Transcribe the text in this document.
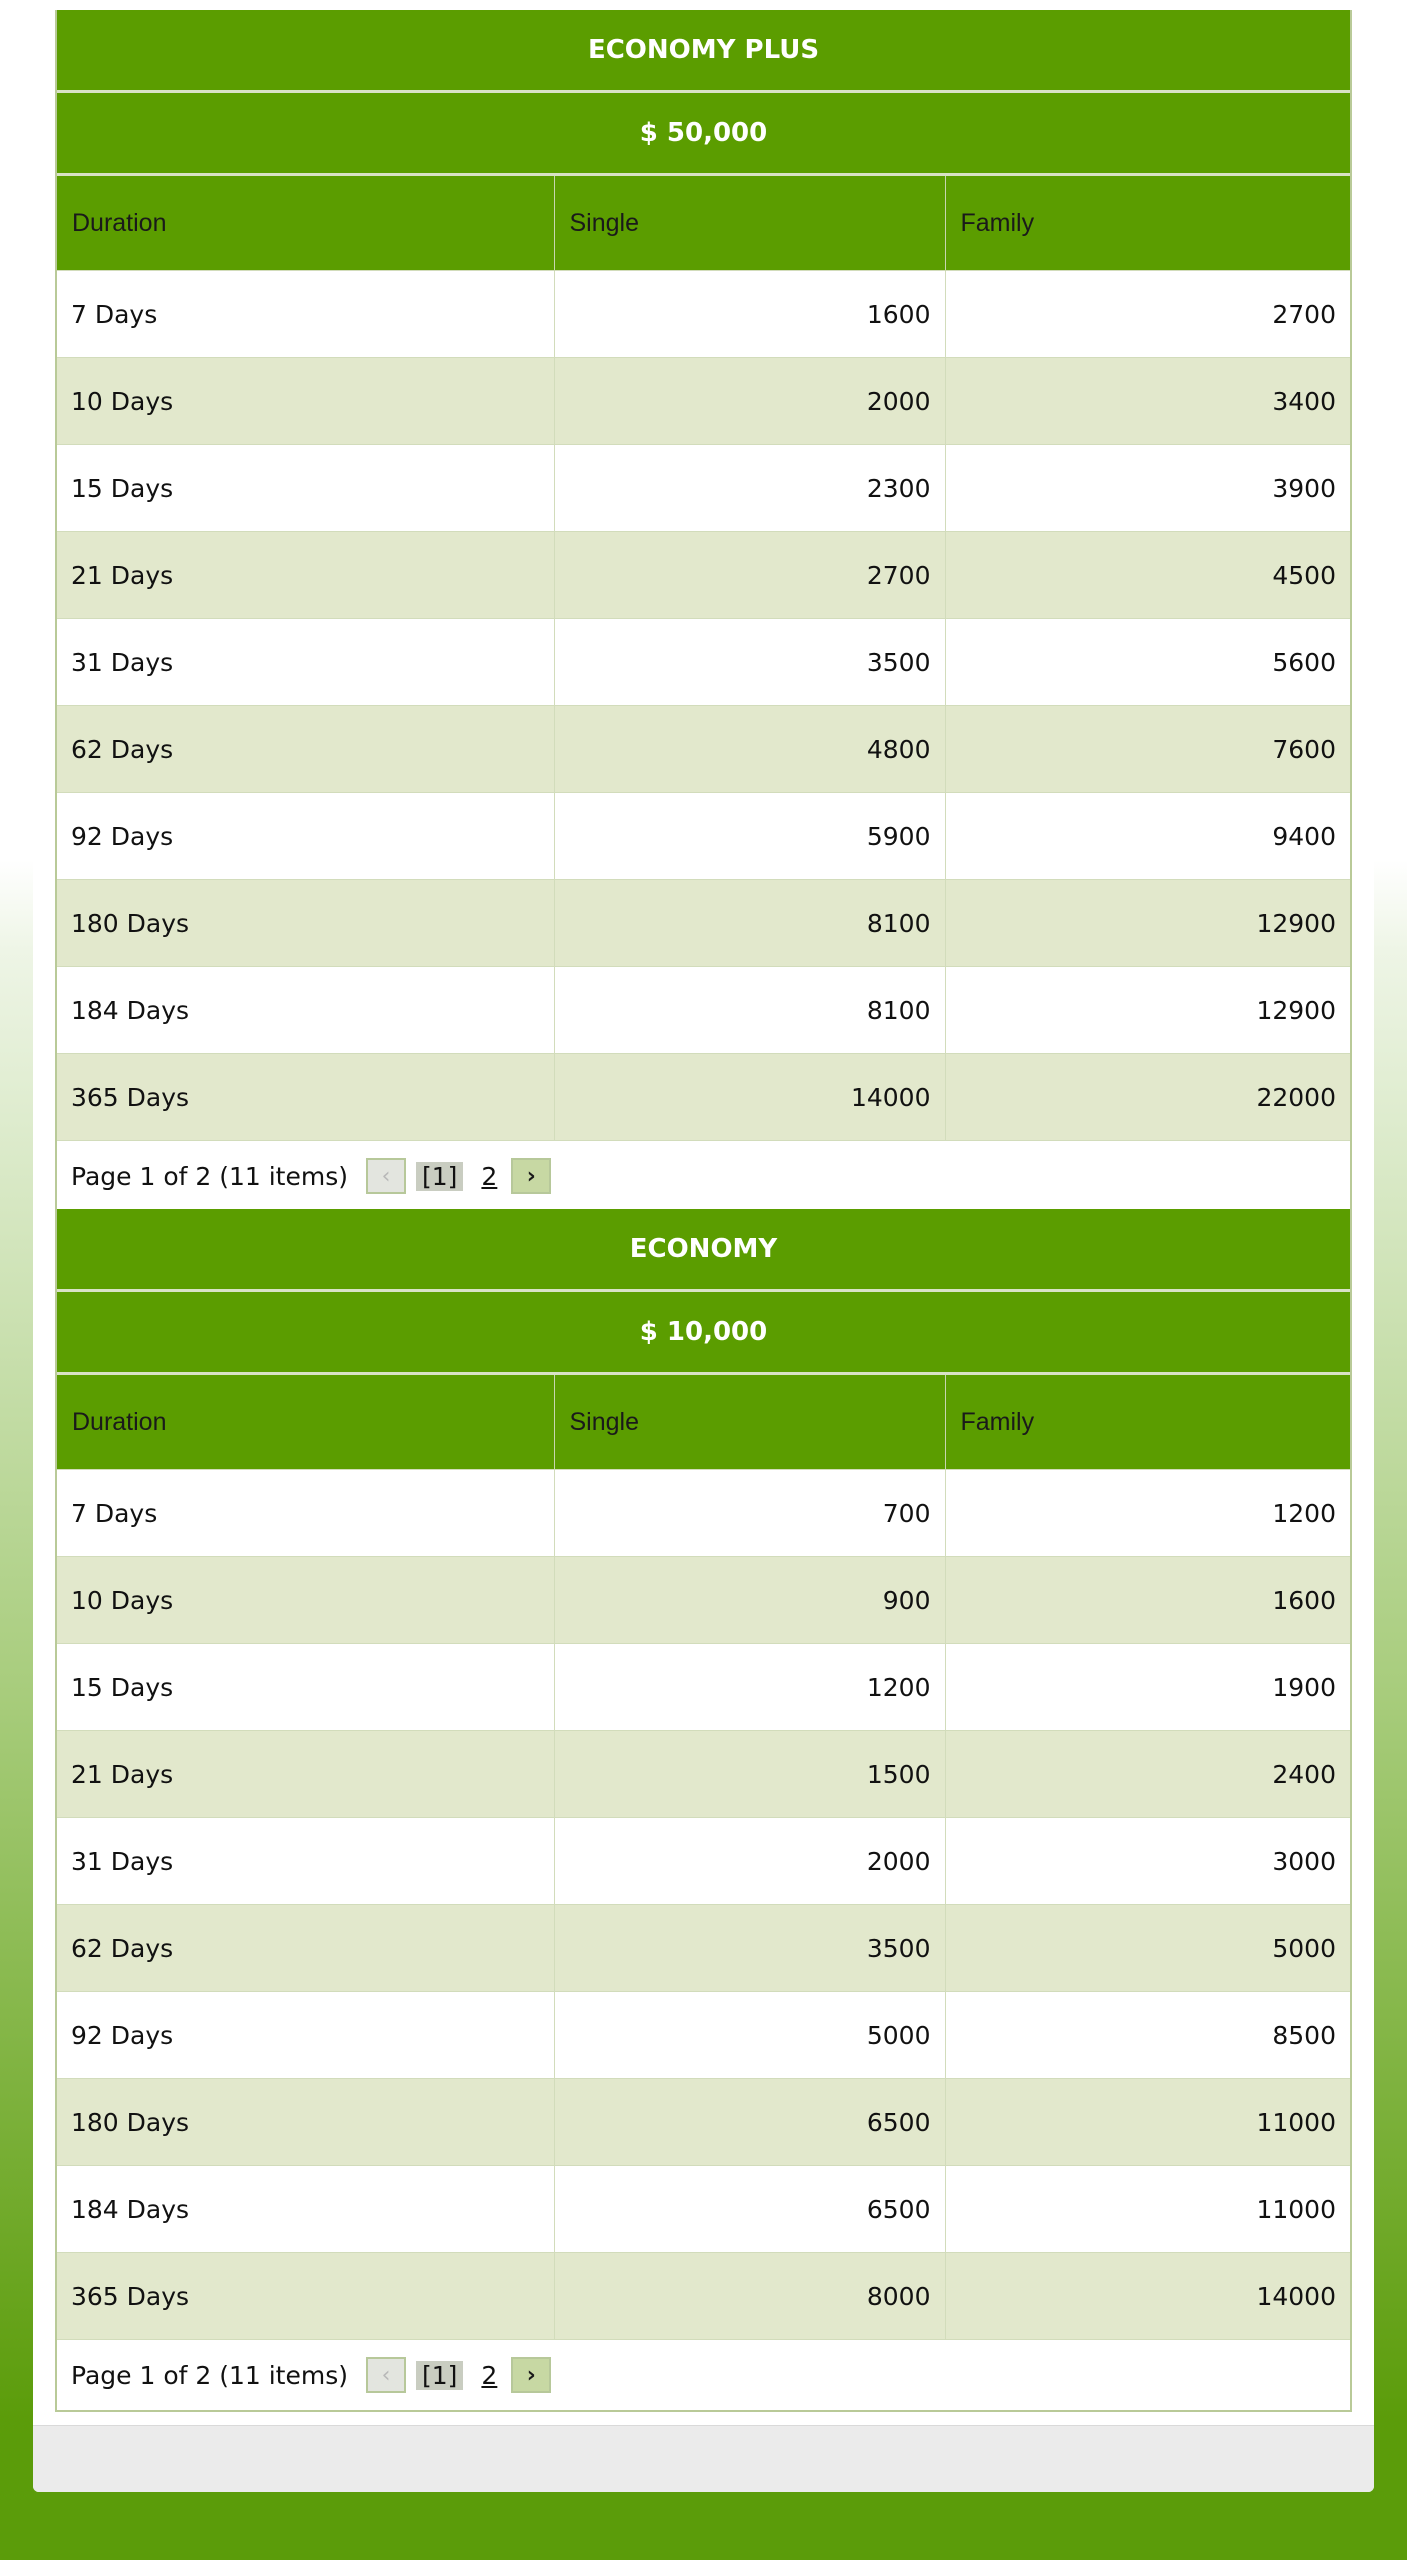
ECONOMY PLUS
$ 50,000
Duration	Single	Family
7 Days	1600	2700
10 Days	2000	3400
15 Days	2300	3900
21 Days	2700	4500
31 Days	3500	5600
62 Days	4800	7600
92 Days	5900	9400
180 Days	8100	12900
184 Days	8100	12900
365 Days	14000	22000
Page 1 of 2 (11 items)	‹	[1] 2	›
ECONOMY
$ 10,000
Duration	Single	Family
7 Days	700	1200
10 Days	900	1600
15 Days	1200	1900
21 Days	1500	2400
31 Days	2000	3000
62 Days	3500	5000
92 Days	5000	8500
180 Days	6500	11000
184 Days	6500	11000
365 Days	8000	14000
Page 1 of 2 (11 items)	‹	[1] 2	›
